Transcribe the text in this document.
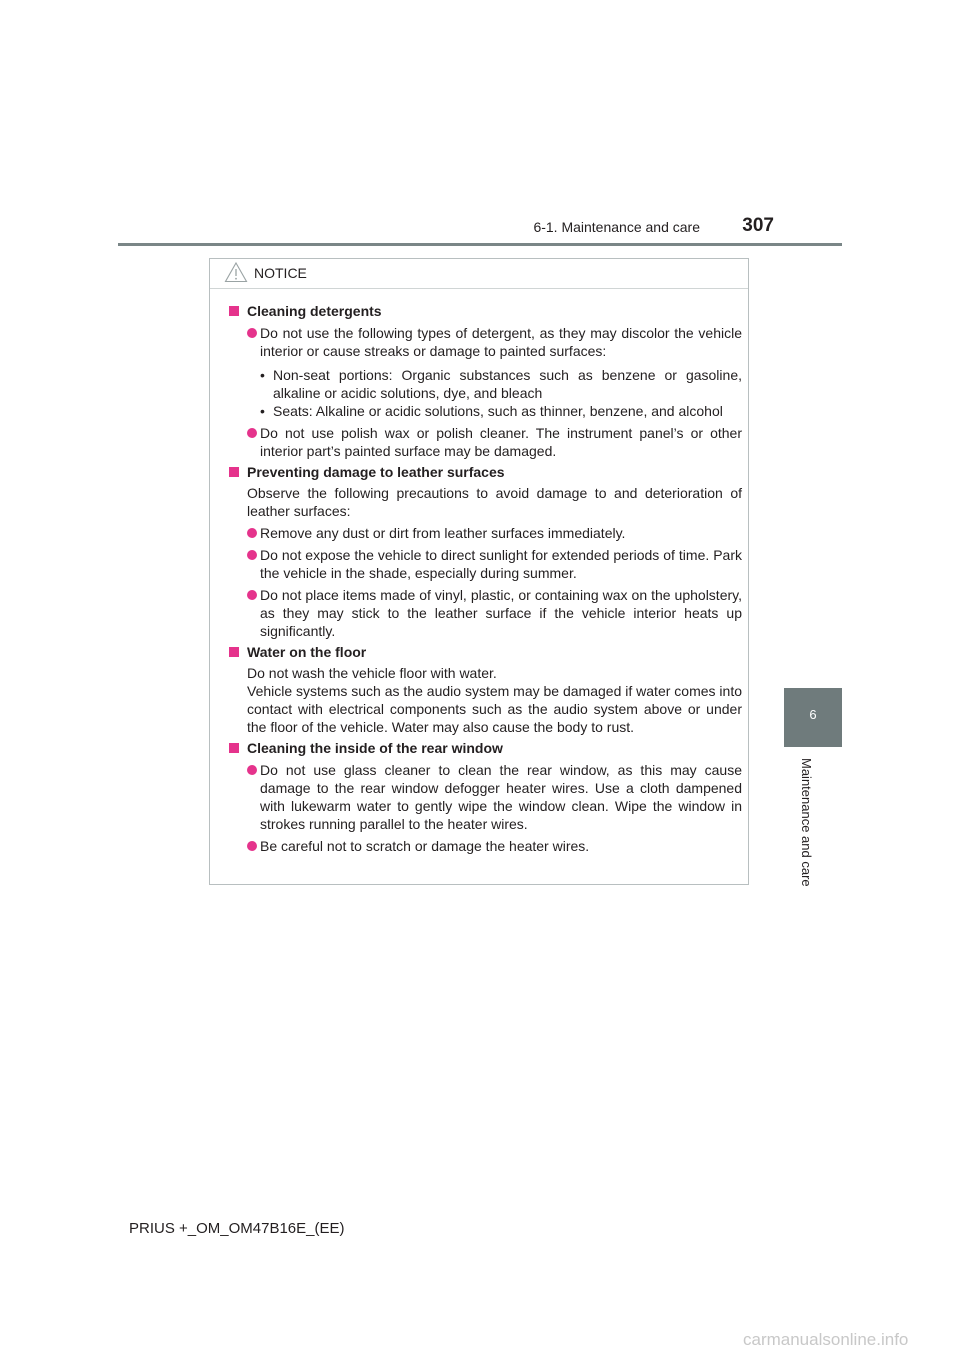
6-1. Maintenance and care	307
6
Maintenance and care
NOTICE
Cleaning detergents
Do not use the following types of detergent, as they may discolor the vehicle interior or cause streaks or damage to painted surfaces:
• Non-seat portions: Organic substances such as benzene or gasoline, alkaline or acidic solutions, dye, and bleach
• Seats: Alkaline or acidic solutions, such as thinner, benzene, and alcohol
Do not use polish wax or polish cleaner. The instrument panel’s or other interior part’s painted surface may be damaged.
Preventing damage to leather surfaces
Observe the following precautions to avoid damage to and deterioration of leather surfaces:
Remove any dust or dirt from leather surfaces immediately.
Do not expose the vehicle to direct sunlight for extended periods of time. Park the vehicle in the shade, especially during summer.
Do not place items made of vinyl, plastic, or containing wax on the upholstery, as they may stick to the leather surface if the vehicle interior heats up significantly.
Water on the floor
Do not wash the vehicle floor with water.
Vehicle systems such as the audio system may be damaged if water comes into contact with electrical components such as the audio system above or under the floor of the vehicle. Water may also cause the body to rust.
Cleaning the inside of the rear window
Do not use glass cleaner to clean the rear window, as this may cause damage to the rear window defogger heater wires. Use a cloth dampened with lukewarm water to gently wipe the window clean. Wipe the window in strokes running parallel to the heater wires.
Be careful not to scratch or damage the heater wires.
PRIUS +_OM_OM47B16E_(EE)
carmanualsonline.info
